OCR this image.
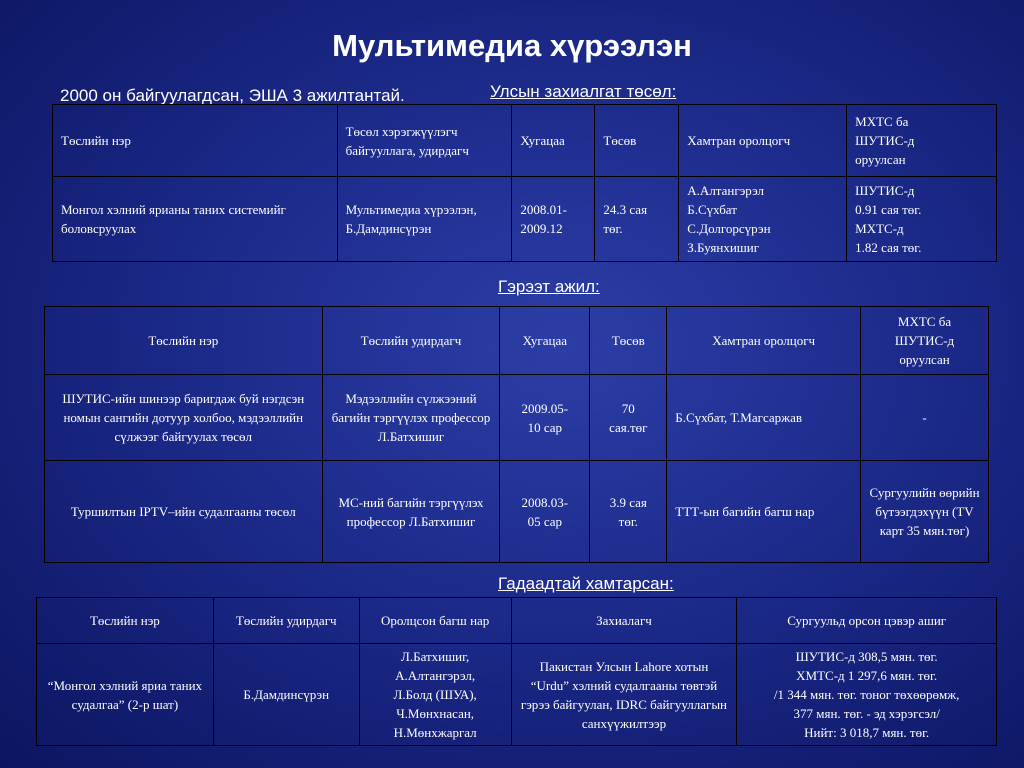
Мультимедиа хүрээлэн
2000 он байгуулагдсан, ЭША 3 ажилтантай.	Улсын захиалгат төсөл:
Төслийн нэр	Төсөл хэрэгжүүлэгч байгууллага, удирдагч	Хугацаа	Төсөв	Хамтран оролцогч	МХТС ба
ШУТИС-д
оруулсан
Монгол хэлний ярианы таних системийг боловсруулах	Мультимедиа хүрээлэн,
Б.Дамдинсүрэн	2008.01-
2009.12	24.3 сая
төг.	А.Алтангэрэл
Б.Сүхбат
С.Долгорсүрэн
З.Буянхишиг	ШУТИС-д
0.91 сая төг.
МХТС-д
1.82 сая төг.
Гэрээт ажил:
Төслийн нэр	Төслийн удирдагч	Хугацаа	Төсөв	Хамтран оролцогч	МХТС ба
ШУТИС-д
оруулсан
ШУТИС-ийн шинээр баригдаж буй нэгдсэн номын сангийн дотуур холбоо, мэдээллийн сүлжээг байгуулах төсөл	Мэдээллийн сүлжээний багийн тэргүүлэх профессор Л.Батхишиг	2009.05-
10 сар	70
сая.төг	Б.Сүхбат, Т.Магсаржав	-
Туршилтын IPTV–ийн судалгааны төсөл	МС-ний багийн тэргүүлэх профессор Л.Батхишиг	2008.03-
05 сар	3.9 сая
төг.	ТТТ-ын багийн багш нар	Сургуулийн өөрийн бүтээгдэхүүн (TV карт 35 мян.төг)
Гадаадтай хамтарсан:
Төслийн нэр	Төслийн удирдагч	Оролцсон багш нар	Захиалагч	Сургуульд орсон цэвэр ашиг
“Монгол хэлний яриа таних судалгаа” (2-р шат)	Б.Дамдинсүрэн	Л.Батхишиг,
А.Алтангэрэл,
Л.Болд (ШУА),
Ч.Мөнхнасан,
Н.Мөнхжаргал	Пакистан Улсын Lahore хотын “Urdu” хэлний судалгааны төвтэй гэрээ байгуулан, IDRC байгууллагын санхүүжилтээр	ШУТИС-д 308,5 мян. төг.
ХМТС-д 1 297,6 мян. төг.
/1 344 мян. төг. тоног төхөөрөмж,
377 мян. төг. - эд хэрэгсэл/
Нийт: 3 018,7 мян. төг.
